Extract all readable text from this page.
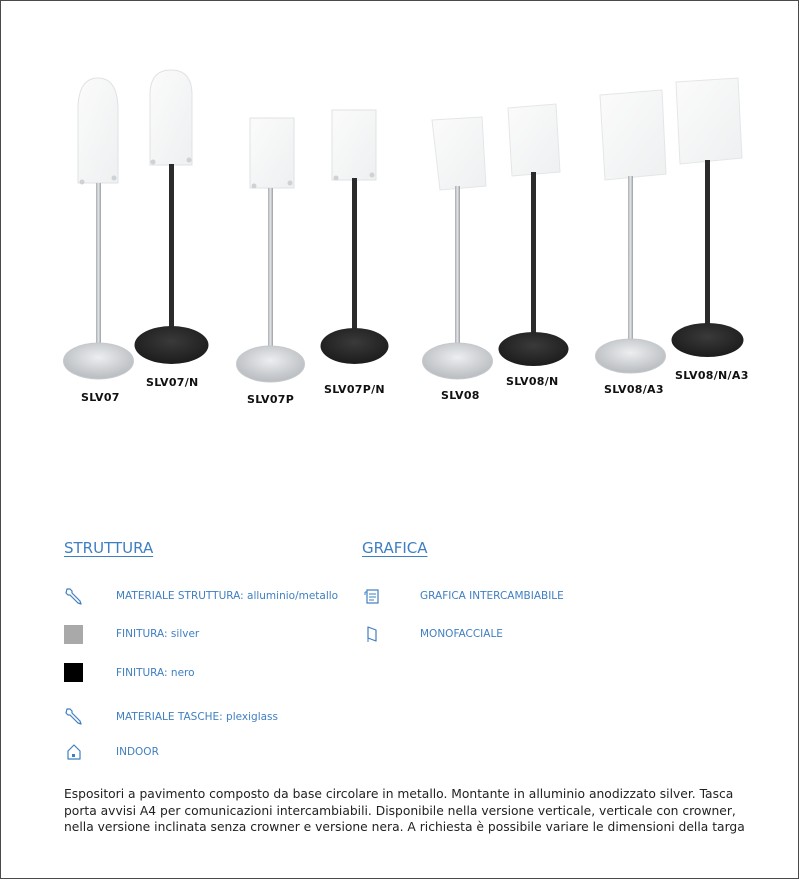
SLV07
SLV07/N
SLV07P
SLV07P/N	SLV08
SLV08/N
SLV08/A3
SLV08/N/A3
STRUTTURA	GRAFICA
MATERIALE STRUTTURA: alluminio/metallo
FINITURA: silver
FINITURA: nero
MATERIALE TASCHE: plexiglass
INDOOR
GRAFICA INTERCAMBIABILE
MONOFACCIALE
Espositori a pavimento composto da base circolare in metallo. Montante in alluminio anodizzato silver. Tasca porta avvisi A4 per comunicazioni intercambiabili. Disponibile nella versione verticale, verticale con crowner, nella versione inclinata senza crowner e versione nera. A richiesta è possibile variare le dimensioni della targa
